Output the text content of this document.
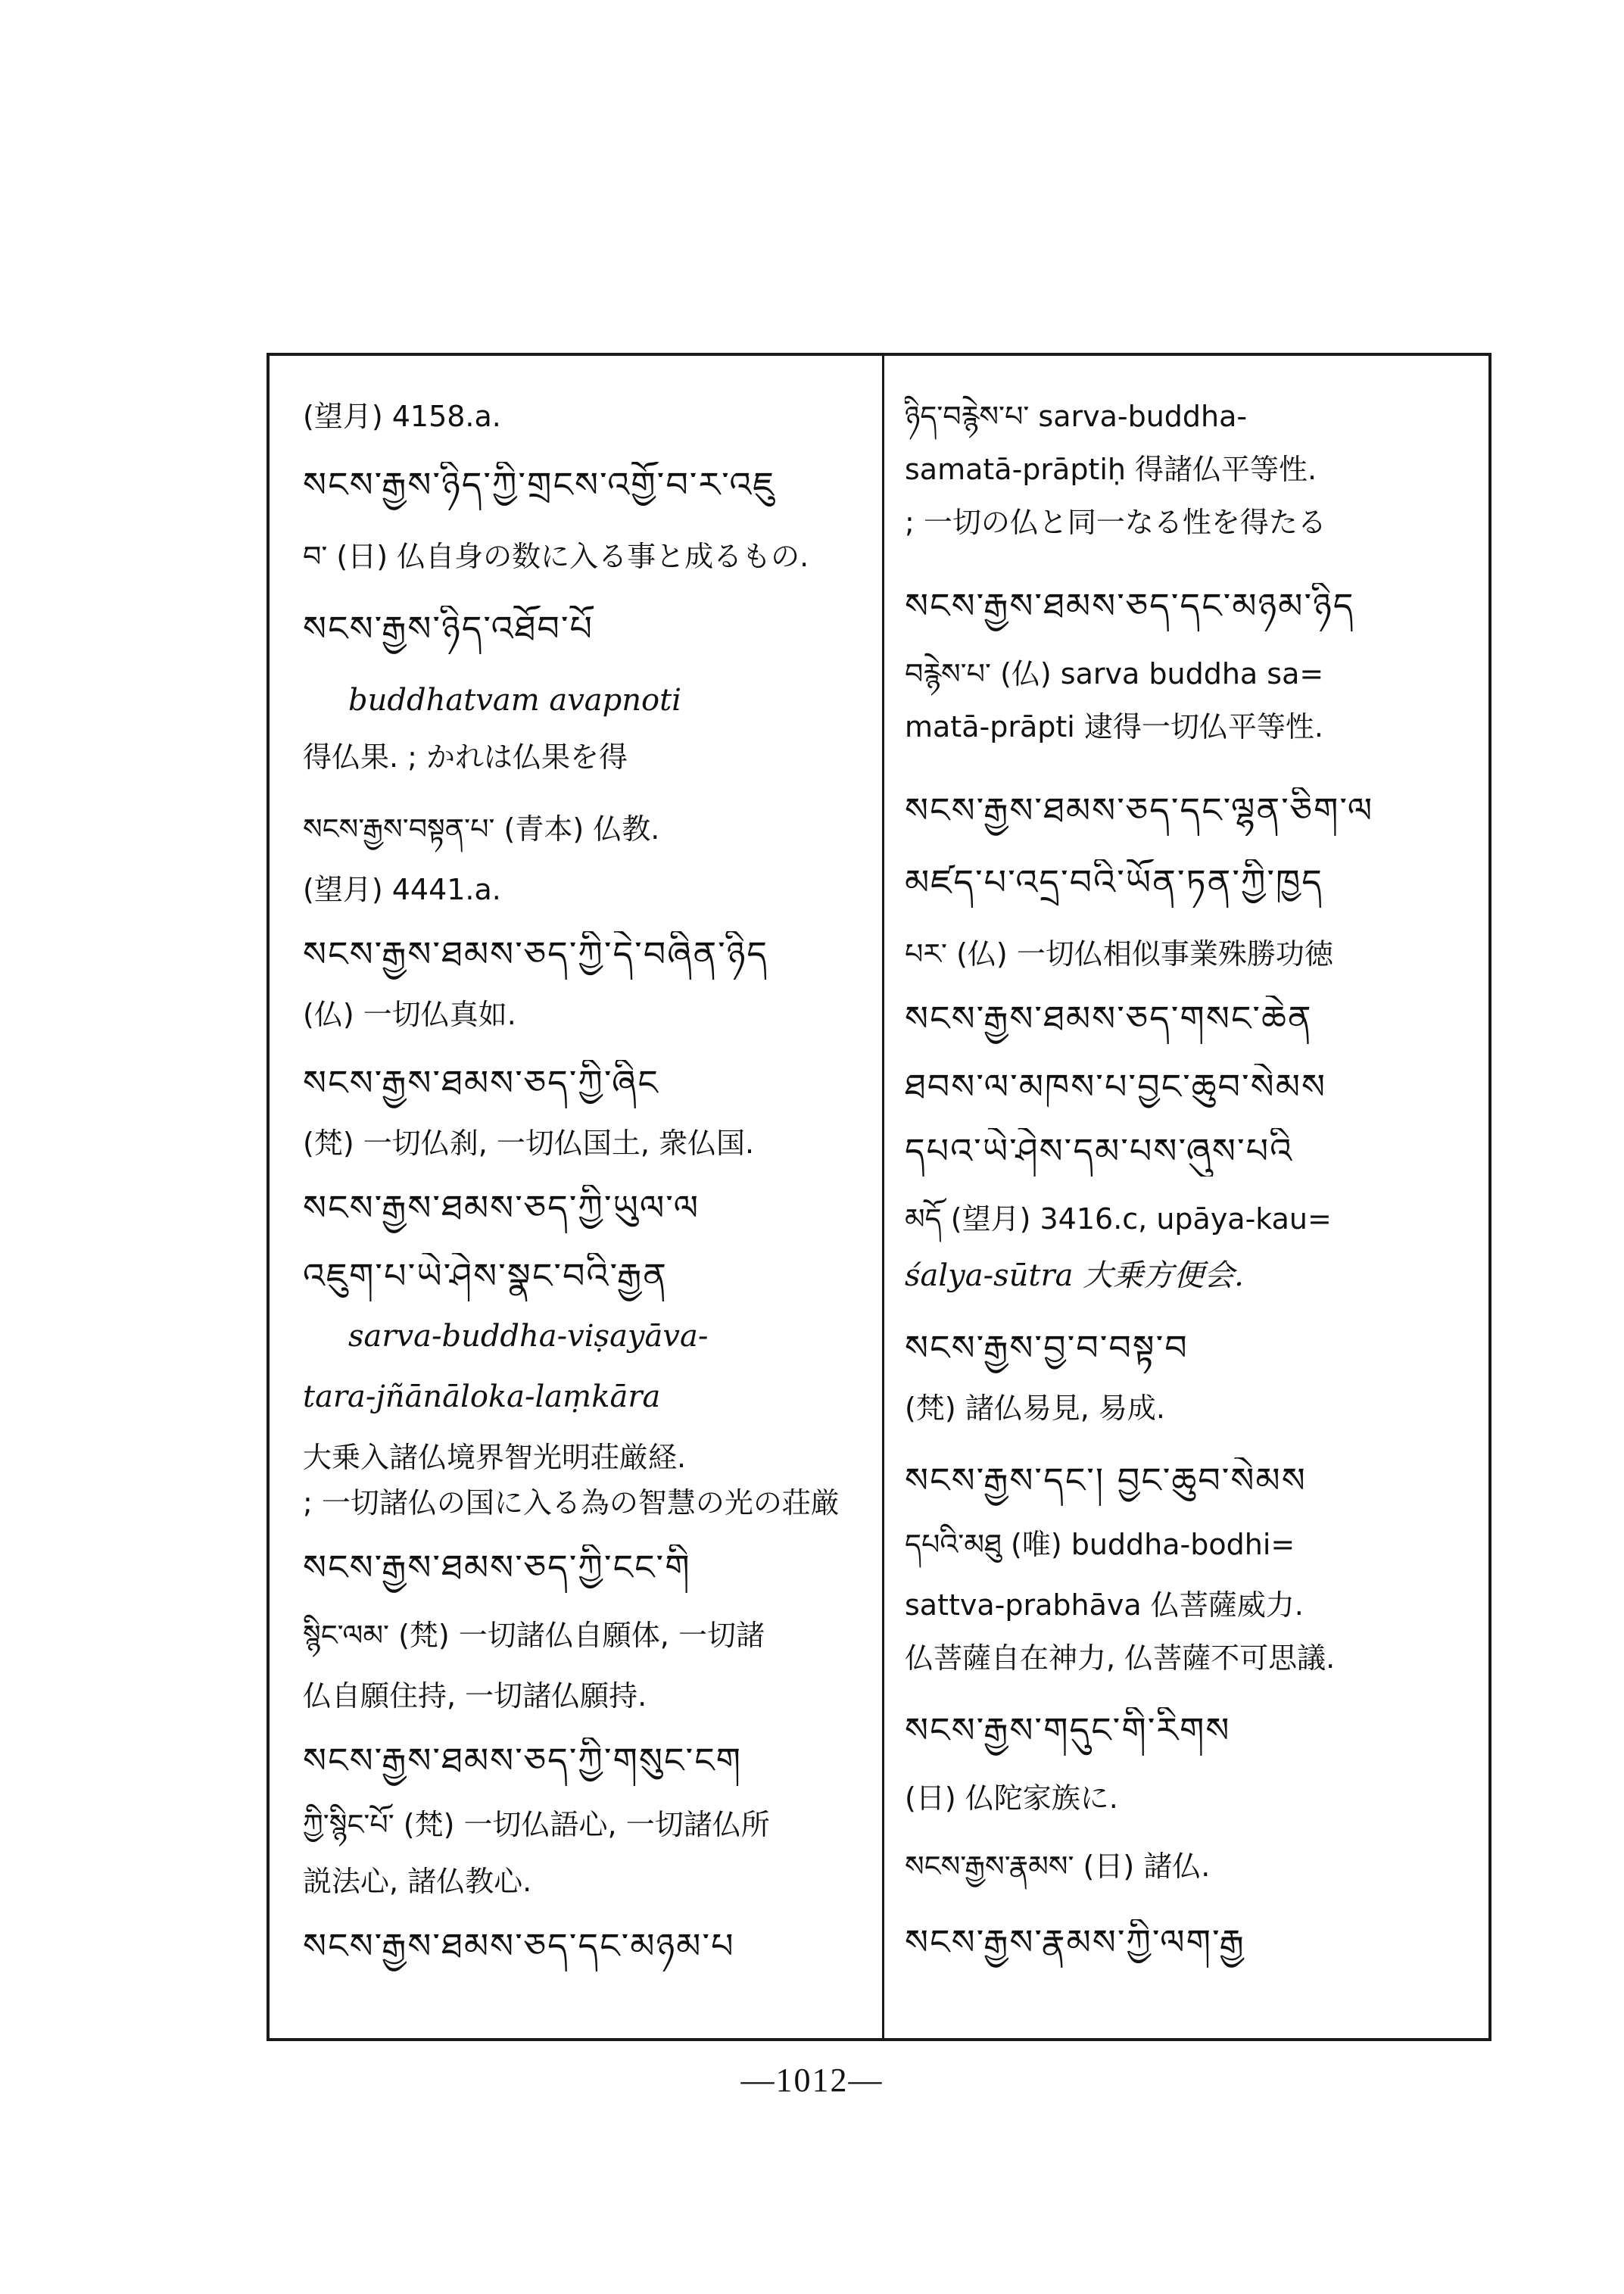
(望月) 4158.a.
སངས་རྒྱས་ཉིད་ཀྱི་གྲངས་འགྱོ་བ་ར་འཇུ
བ་ (日) 仏自身の数に入る事と成るもの.
སངས་རྒྱས་ཉིད་འཐོབ་པོ
buddhatvam avapnoti
得仏果. ; かれは仏果を得
སངས་རྒྱས་བསྟན་པ་ (青本) 仏教.
(望月) 4441.a.
སངས་རྒྱས་ཐམས་ཅད་ཀྱི་དེ་བཞིན་ཉིད
(仏) 一切仏真如.
སངས་རྒྱས་ཐམས་ཅད་ཀྱི་ཞིང
(梵) 一切仏刹, 一切仏国土, 衆仏国.
སངས་རྒྱས་ཐམས་ཅད་ཀྱི་ཡུལ་ལ
འཇུག་པ་ཡེ་ཤེས་སྣང་བའི་རྒྱན
sarva-buddha-viṣayāva-
tara-jñānāloka-laṃkāra
大乗入諸仏境界智光明荘厳経.
; 一切諸仏の国に入る為の智慧の光の荘厳
སངས་རྒྱས་ཐམས་ཅད་ཀྱི་ངང་གི
སྙིང་ལམ་ (梵) 一切諸仏自願体, 一切諸
仏自願住持, 一切諸仏願持.
སངས་རྒྱས་ཐམས་ཅད་ཀྱི་གསུང་ངག
ཀྱི་སྙིང་པོ་ (梵) 一切仏語心, 一切諸仏所
説法心, 諸仏教心.
སངས་རྒྱས་ཐམས་ཅད་དང་མཉམ་པ
ཉིད་བརྙེས་པ་ sarva-buddha-
samatā-prāptiḥ 得諸仏平等性.
; 一切の仏と同一なる性を得たる
སངས་རྒྱས་ཐམས་ཅད་དང་མཉམ་ཉིད
བརྙེས་པ་ (仏) sarva buddha sa=
matā-prāpti 逮得一切仏平等性.
སངས་རྒྱས་ཐམས་ཅད་དང་ལྷན་ཅིག་ལ
མཛད་པ་འདྲ་བའི་ཡོན་ཏན་ཀྱི་ཁྱད
པར་ (仏) 一切仏相似事業殊勝功徳
སངས་རྒྱས་ཐམས་ཅད་གསང་ཆེན
ཐབས་ལ་མཁས་པ་བྱང་ཆུབ་སེམས
དཔའ་ཡེ་ཤེས་དམ་པས་ཞུས་པའི
མདོ (望月) 3416.c, upāya-kau=
śalya-sūtra 大乗方便会.
སངས་རྒྱས་བྱ་བ་བསྟ་བ
(梵) 諸仏易見, 易成.
སངས་རྒྱས་དང་། བྱང་ཆུབ་སེམས
དཔའི་མཐུ (唯) buddha-bodhi=
sattva-prabhāva 仏菩薩威力.
仏菩薩自在神力, 仏菩薩不可思議.
སངས་རྒྱས་གདུང་གི་རིགས
(日) 仏陀家族に.
སངས་རྒྱས་རྣམས་ (日) 諸仏.
སངས་རྒྱས་རྣམས་ཀྱི་ལག་རྒྱ
—1012—
